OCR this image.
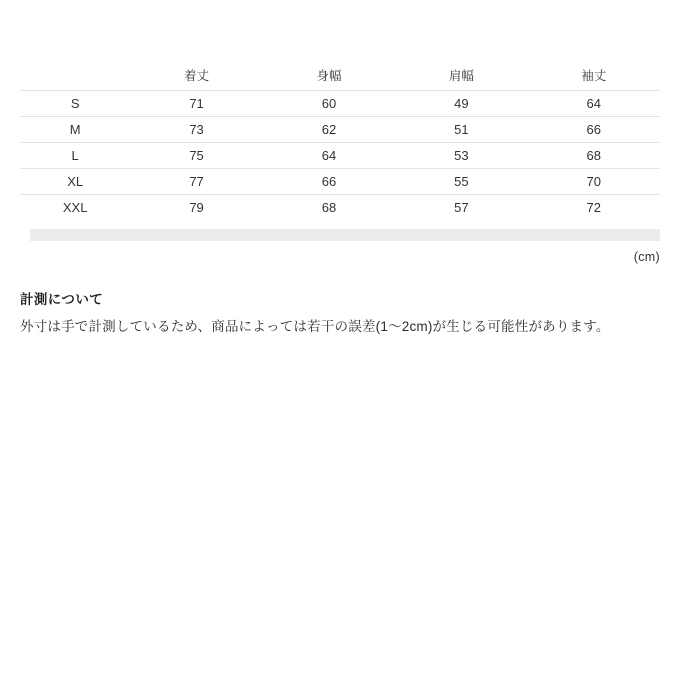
	着丈	身幅	肩幅	袖丈
S	71	60	49	64
M	73	62	51	66
L	75	64	53	68
XL	77	66	55	70
XXL	79	68	57	72
(cm)
計測について
外寸は手で計測しているため、商品によっては若干の誤差(1〜2cm)が生じる可能性があります。
